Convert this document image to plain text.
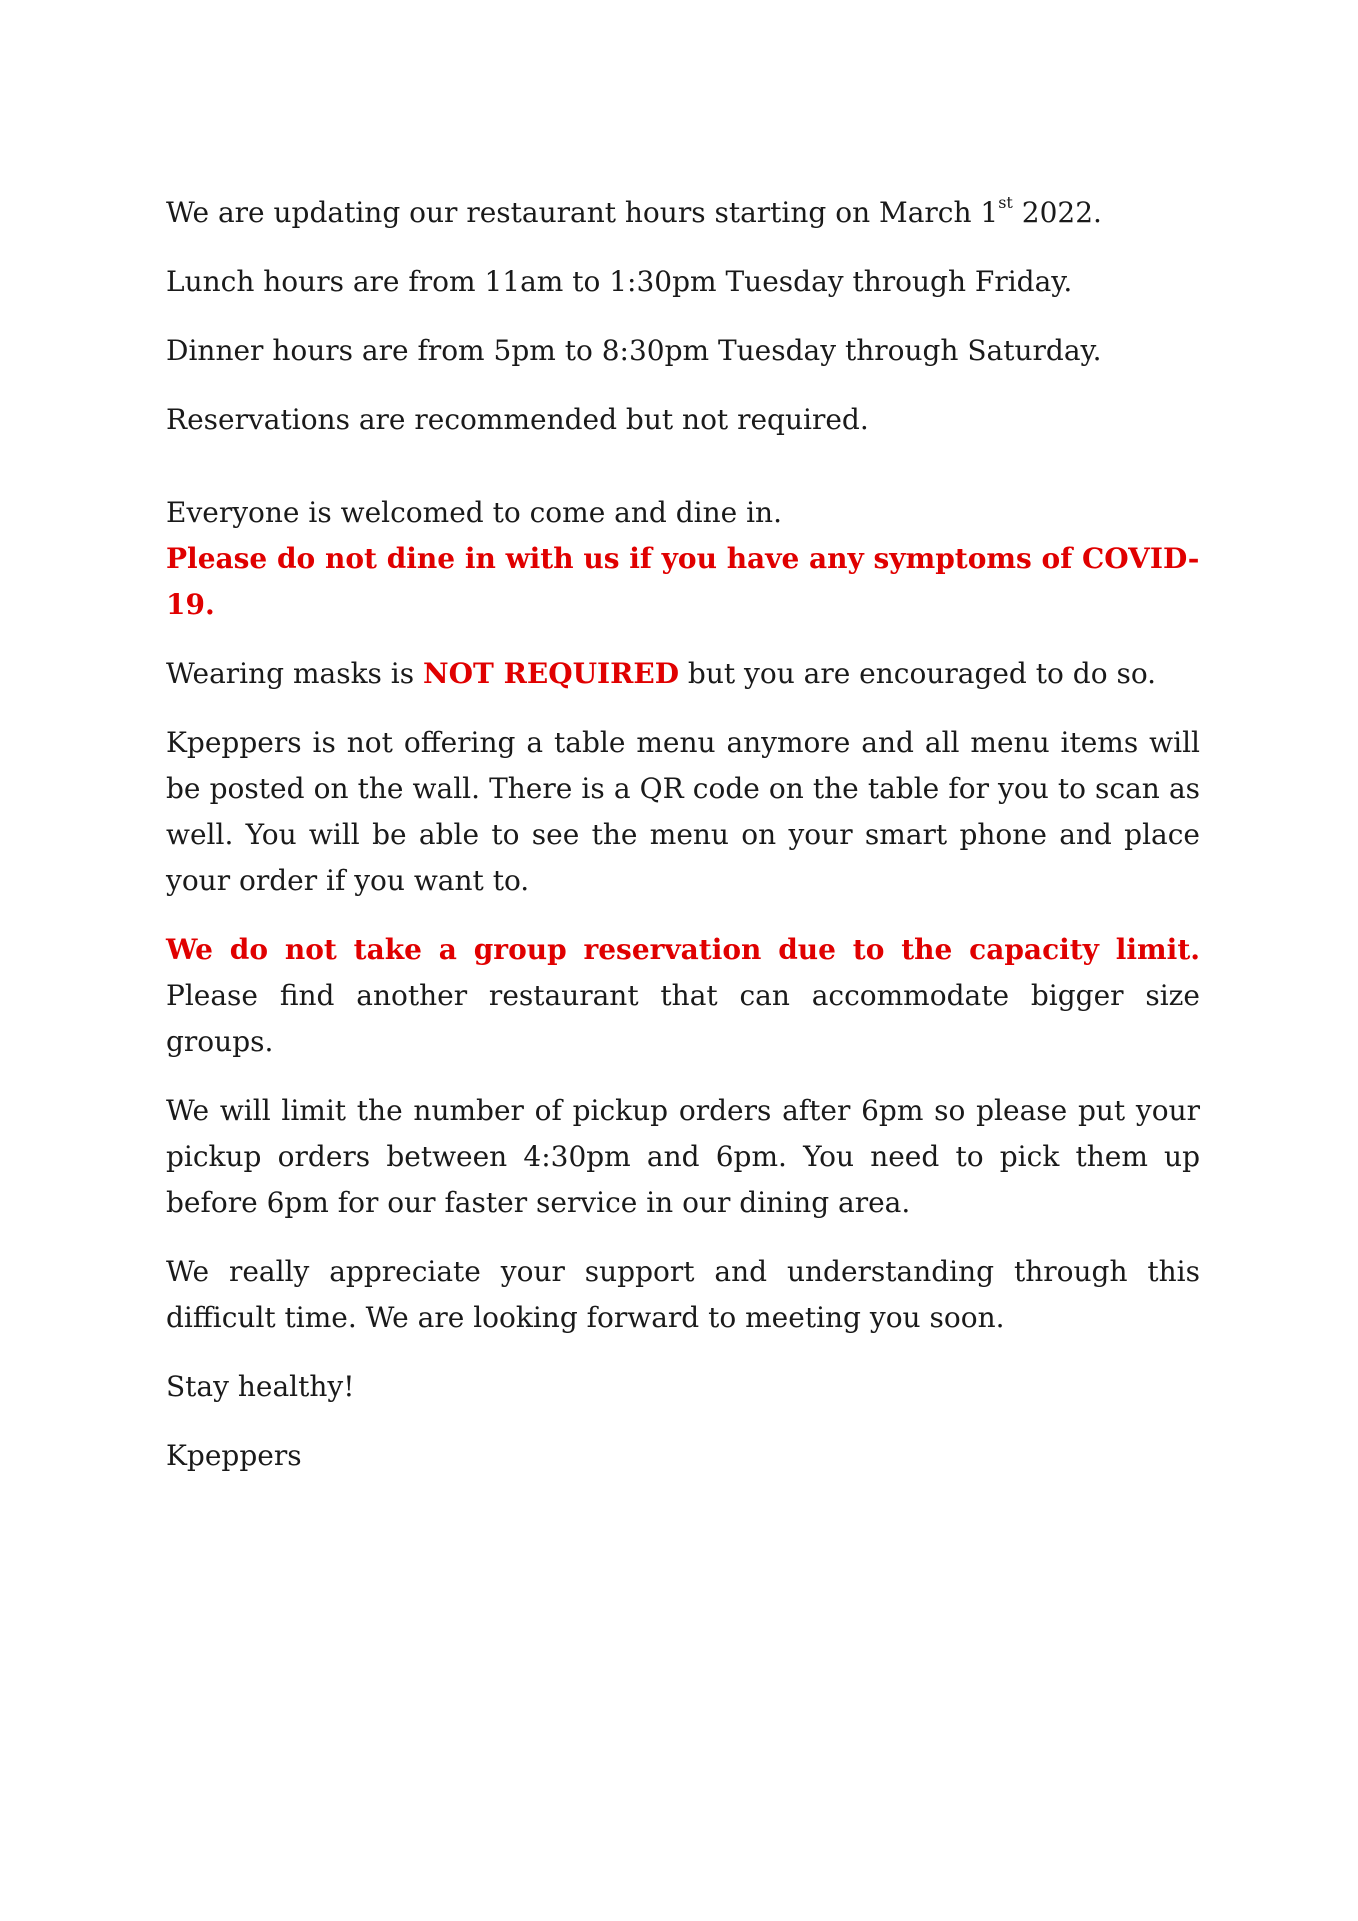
We are updating our restaurant hours starting on March 1st 2022.

Lunch hours are from 11am to 1:30pm Tuesday through Friday.

Dinner hours are from 5pm to 8:30pm Tuesday through Saturday.

Reservations are recommended but not required.

Everyone is welcomed to come and dine in.

Please do not dine in with us if you have any symptoms of COVID-19.

Wearing masks is NOT REQUIRED but you are encouraged to do so.

Kpeppers is not offering a table menu anymore and all menu items will be posted on the wall. There is a QR code on the table for you to scan as well. You will be able to see the menu on your smart phone and place your order if you want to.

We do not take a group reservation due to the capacity limit. Please find another restaurant that can accommodate bigger size groups.

We will limit the number of pickup orders after 6pm so please put your pickup orders between 4:30pm and 6pm. You need to pick them up before 6pm for our faster service in our dining area.

We really appreciate your support and understanding through this difficult time. We are looking forward to meeting you soon.

Stay healthy!

Kpeppers
